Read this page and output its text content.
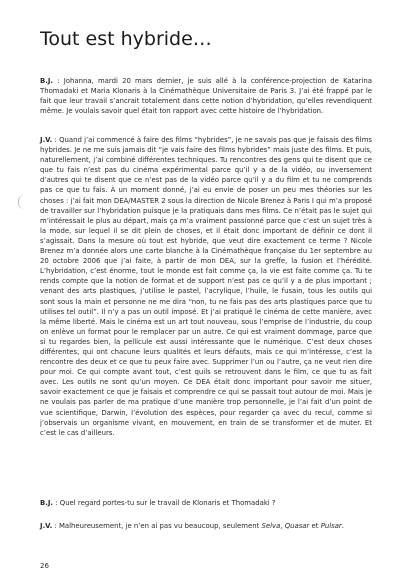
Tout est hybride…

B.J. : Johanna, mardi 20 mars dernier, je suis allé à la conférence-projection de Katarina Thomadaki et Maria Klonaris à la Cinémathèque Universitaire de Paris 3. J’ai été frappé par le fait que leur travail s’ancrait totalement dans cette notion d’hybridation, qu’elles revendiquent même. Je voulais savoir quel était ton rapport avec cette histoire de l’hybridation.

J.V. : Quand j’ai commencé à faire des films “hybrides”, je ne savais pas que je faisais des films hybrides. Je ne me suis jamais dit “je vais faire des films hybrides” mais juste des films. Et puis, naturellement, j’ai combiné différentes techniques. Tu rencontres des gens qui te disent que ce que tu fais n’est pas du cinéma expérimental parce qu’il y a de la vidéo, ou inversement d’autres qui te disent que ce n’est pas de la vidéo parce qu’il y a du film et tu ne comprends pas ce que tu fais. À un moment donné, j’ai eu envie de poser un peu mes théories sur les choses : j’ai fait mon DEA/MASTER 2 sous la direction de Nicole Brenez à Paris I qui m’a proposé de travailler sur l’hybridation puisque je la pratiquais dans mes films. Ce n’était pas le sujet qui m’intéressait le plus au départ, mais ça m’a vraiment passionné parce que c’est un sujet très à la mode, sur lequel il se dit plein de choses, et il était donc important de définir ce dont il s’agissait. Dans la mesure où tout est hybride, que veut dire exactement ce terme ? Nicole Brenez m’a donnée alors une carte blanche à la Cinémathèque française du 1er septembre au 20 octobre 2006 que j’ai faite, à partir de mon DEA, sur la greffe, la fusion et l’hérédité. L’hybridation, c’est énorme, tout le monde est fait comme ça, la vie est faite comme ça. Tu te rends compte que la notion de format et de support n’est pas ce qu’il y a de plus important ; venant des arts plastiques, j’utilise le pastel, l’acrylique, l’huile, le fusain, tous les outils qui sont sous la main et personne ne me dira “non, tu ne fais pas des arts plastiques parce que tu utilises tel outil”. Il n’y a pas un outil imposé. Et j’ai pratiqué le cinéma de cette manière, avec la même liberté. Mais le cinéma est un art tout nouveau, sous l’emprise de l’industrie, du coup on enlève un format pour le remplacer par un autre. Ce qui est vraiment dommage, parce que si tu regardes bien, la pellicule est aussi intéressante que le numérique. C’est deux choses différentes, qui ont chacune leurs qualités et leurs défauts, mais ce qui m’intéresse, c’est la rencontre des deux et ce que tu peux faire avec. Supprimer l’un ou l’autre, ça ne veut rien dire pour moi. Ce qui compte avant tout, c’est quils se retrouvent dans le film, ce que tu as fait avec. Les outils ne sont qu’un moyen. Ce DEA était donc important pour savoir me situer, savoir exactement ce que je faisais et comprendre ce qui se passait tout autour de moi. Mais je ne voulais pas parler de ma pratique d’une manière trop personnelle, je l’ai fait d’un point de vue scientifique, Darwin, l’évolution des espèces, pour regarder ça avec du recul, comme si j’observais un organisme vivant, en mouvement, en train de se transformer et de muter. Et c’est le cas d’ailleurs.

B.J. : Quel regard portes-tu sur le travail de Klonaris et Thomadaki ?

J.V. : Malheureusement, je n’en ai pas vu beaucoup, seulement Selva, Quasar et Pulsar.

26
